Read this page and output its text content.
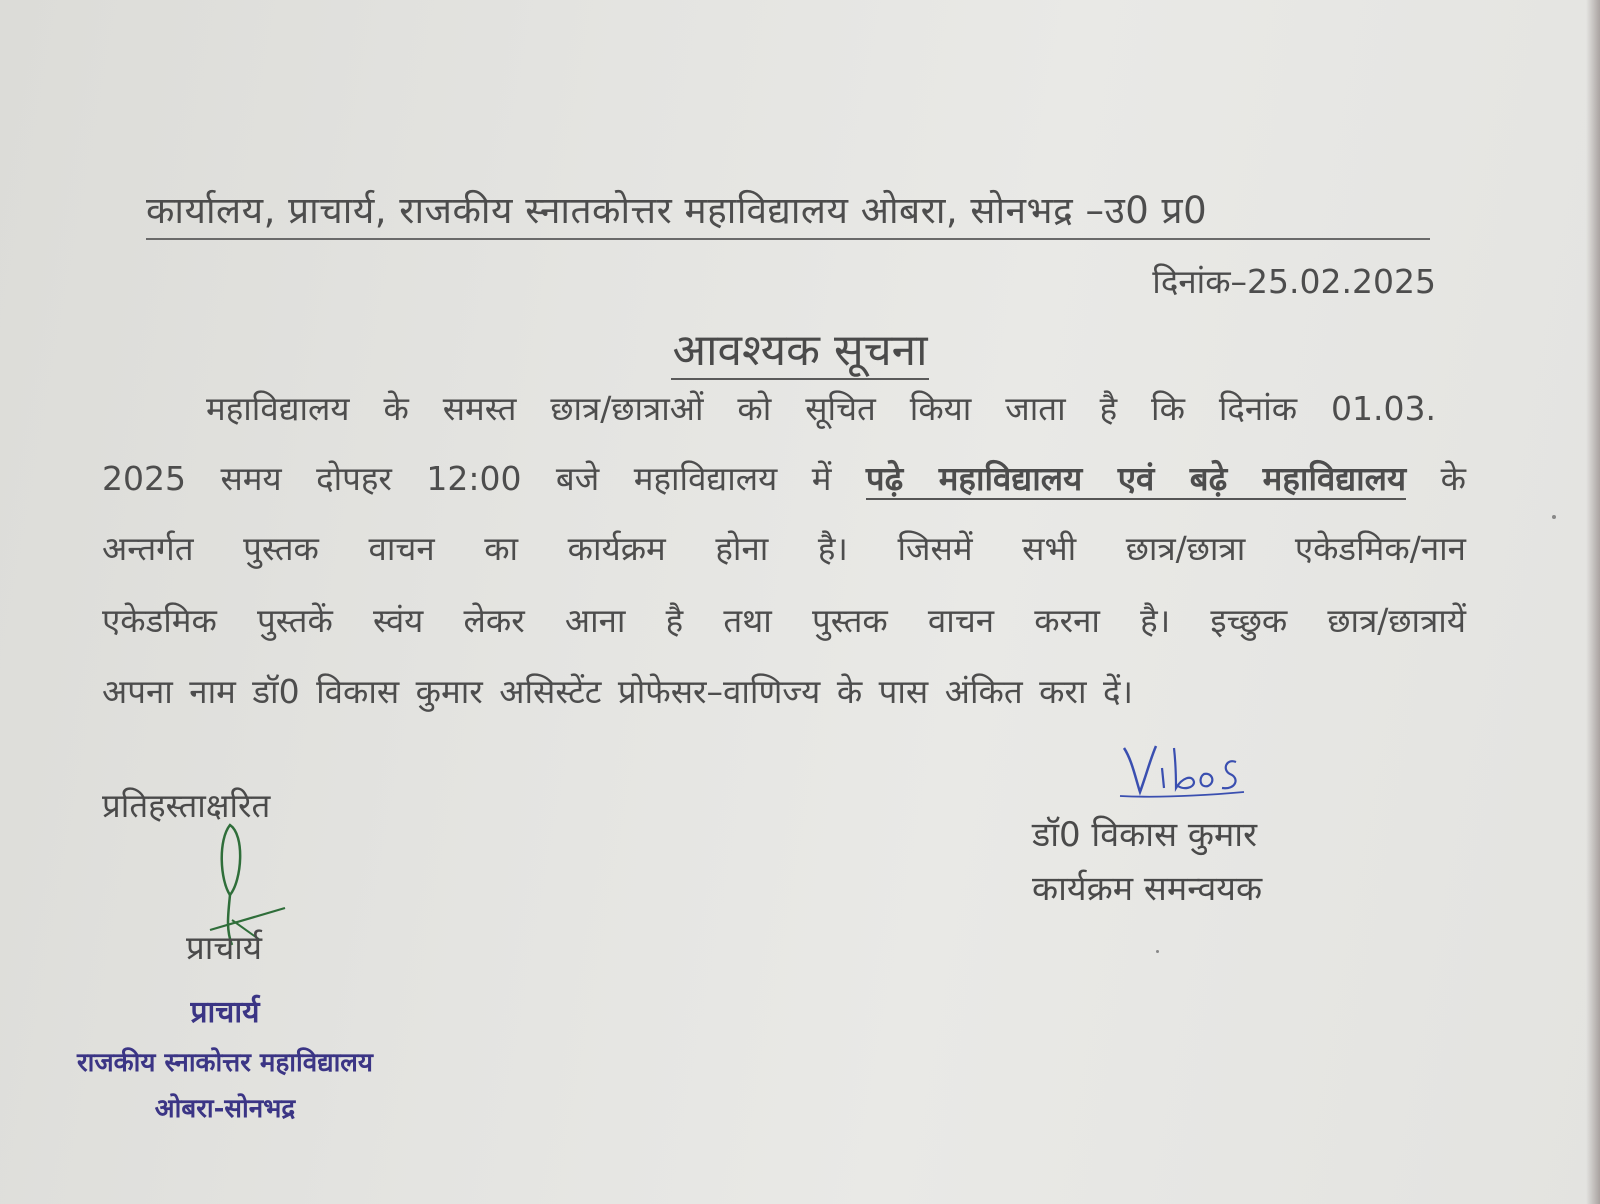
कार्यालय, प्राचार्य, राजकीय स्नातकोत्तर महाविद्यालय ओबरा, सोनभद्र –उ0 प्र0
दिनांक–25.02.2025
आवश्यक सूचना
महाविद्यालय के समस्त छात्र/छात्राओं को सूचित किया जाता है कि दिनांक 01.03.
2025 समय दोपहर 12:00 बजे महाविद्यालय में पढ़े महाविद्यालय एवं बढ़े महाविद्यालय के
अन्तर्गत पुस्तक वाचन का कार्यक्रम होना है। जिसमें सभी छात्र/छात्रा एकेडमिक/नान
एकेडमिक पुस्तकें स्वंय लेकर आना है तथा पुस्तक वाचन करना है। इच्छुक छात्र/छात्रायें
अपना नाम डॉ0 विकास कुमार असिस्टेंट प्रोफेसर–वाणिज्य के पास अंकित करा दें।
प्रतिहस्ताक्षरित
प्राचार्य
प्राचार्य
राजकीय स्नाकोत्तर महाविद्यालय
ओबरा-सोनभद्र
डॉ0 विकास कुमार
कार्यक्रम समन्वयक
